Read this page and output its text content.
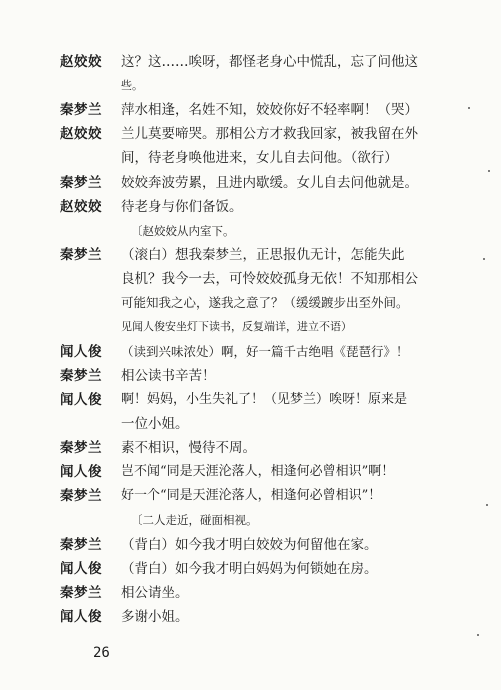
赵姣姣	这？这……唉呀，都怪老身心中慌乱，忘了问他这
些。
秦梦兰	萍水相逢，名姓不知，姣姣你好不轻率啊！（哭）
赵姣姣	兰儿莫要啼哭。那相公方才救我回家，被我留在外
间，待老身唤他进来，女儿自去问他。（欲行）
秦梦兰	姣姣奔波劳累，且进内歇缓。女儿自去问他就是。
赵姣姣	待老身与你们备饭。
〔赵姣姣从内室下。
秦梦兰	（滚白）想我秦梦兰，正思报仇无计，怎能失此
良机？我今一去，可怜姣姣孤身无依！不知那相公
可能知我之心，遂我之意了？（缓缓踱步出至外间。
见闻人俊安坐灯下读书，反复端详，进立不语）
闻人俊	（读到兴味浓处）啊，好一篇千古绝唱《琵琶行》！
秦梦兰	相公读书辛苦！
闻人俊	啊！妈妈，小生失礼了！（见梦兰）唉呀！原来是
一位小姐。
秦梦兰	素不相识，慢待不周。
闻人俊	岂不闻“同是天涯沦落人，相逢何必曾相识”啊！
秦梦兰	好一个“同是天涯沦落人，相逢何必曾相识”！
〔二人走近，碰面相视。
秦梦兰	（背白）如今我才明白姣姣为何留他在家。
闻人俊	（背白）如今我才明白妈妈为何锁她在房。
秦梦兰	相公请坐。
闻人俊	多谢小姐。
26
